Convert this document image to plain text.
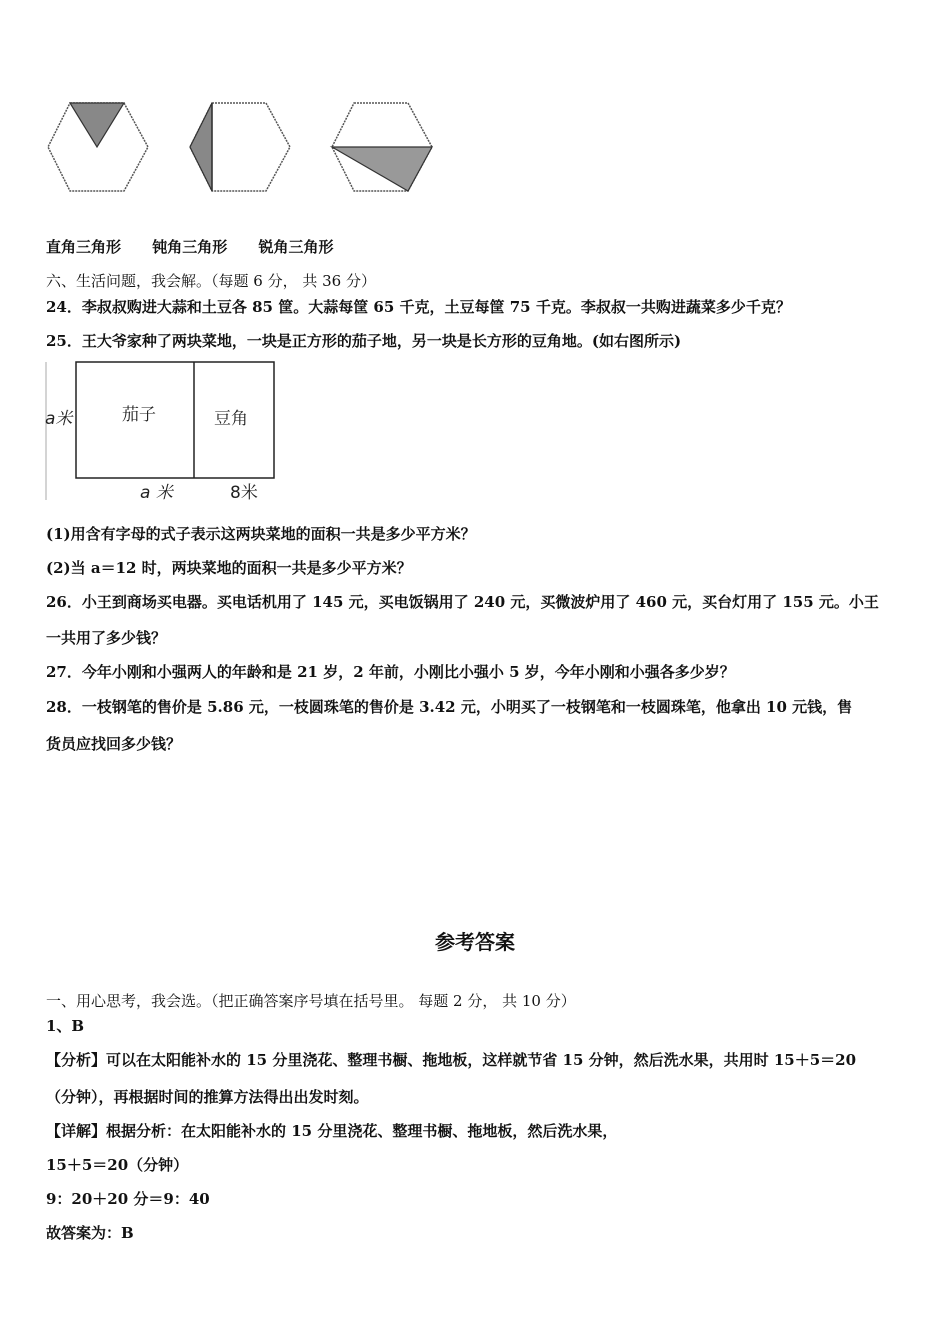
直角三角形 钝角三角形 锐角三角形
六、生活问题，我会解。（每题 6 分， 共 36 分）
24．李叔叔购进大蒜和土豆各 85 筐。大蒜每筐 65 千克，土豆每筐 75 千克。李叔叔一共购进蔬菜多少千克？
25．王大爷家种了两块菜地，一块是正方形的茄子地，另一块是长方形的豆角地。(如右图所示)
a米	茄子	豆角
a 米	8米
(1)用含有字母的式子表示这两块菜地的面积一共是多少平方米？
(2)当 a＝12 时，两块菜地的面积一共是多少平方米？
26．小王到商场买电器。买电话机用了 145 元，买电饭锅用了 240 元，买微波炉用了 460 元，买台灯用了 155 元。小王
一共用了多少钱？
27．今年小刚和小强两人的年龄和是 21 岁，2 年前，小刚比小强小 5 岁，今年小刚和小强各多少岁？
28．一枝钢笔的售价是 5.86 元，一枝圆珠笔的售价是 3.42 元，小明买了一枝钢笔和一枝圆珠笔，他拿出 10 元钱，售
货员应找回多少钱？
参考答案
一、用心思考，我会选。（把正确答案序号填在括号里。 每题 2 分， 共 10 分）
1、B
【分析】可以在太阳能补水的 15 分里浇花、整理书橱、拖地板，这样就节省 15 分钟，然后洗水果，共用时 15＋5＝20
（分钟），再根据时间的推算方法得出出发时刻。
【详解】根据分析：在太阳能补水的 15 分里浇花、整理书橱、拖地板，然后洗水果，
15＋5＝20（分钟）
9：20＋20 分＝9：40
故答案为：B
